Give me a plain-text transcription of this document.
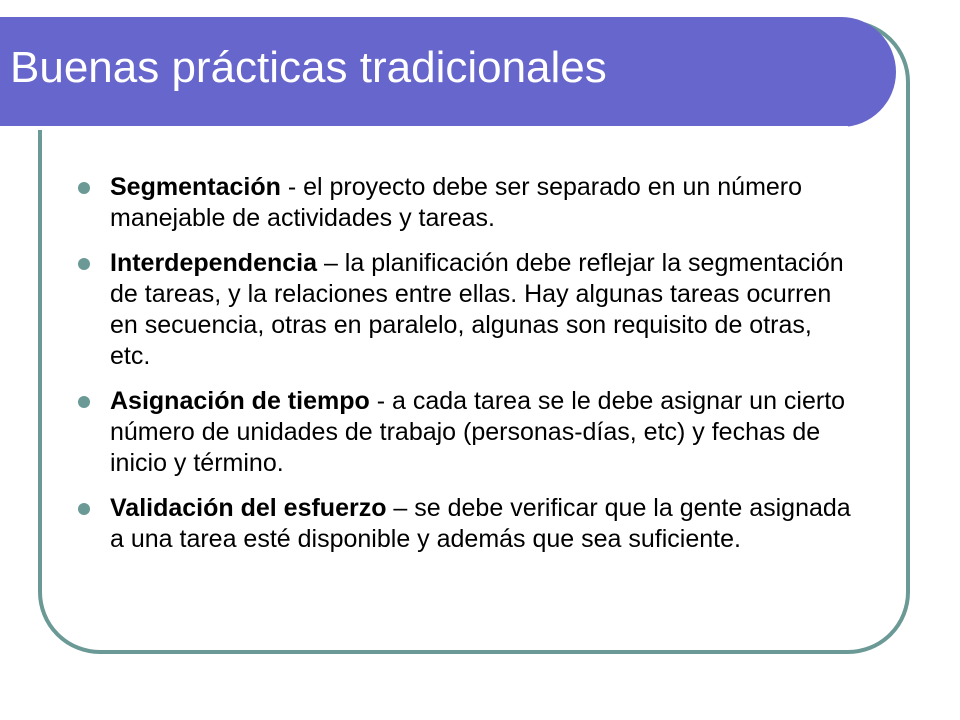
Buenas prácticas tradicionales
Segmentación - el proyecto debe ser separado en un número manejable de actividades y tareas.
Interdependencia – la planificación debe reflejar la segmentación de tareas, y la relaciones entre ellas. Hay algunas tareas ocurren en secuencia, otras en paralelo, algunas son requisito de otras, etc.
Asignación de tiempo - a cada tarea se le debe asignar un cierto número de unidades de trabajo (personas-días, etc) y fechas de inicio y término.
Validación del esfuerzo – se debe verificar que la gente asignada a una tarea esté disponible y además que sea suficiente.
